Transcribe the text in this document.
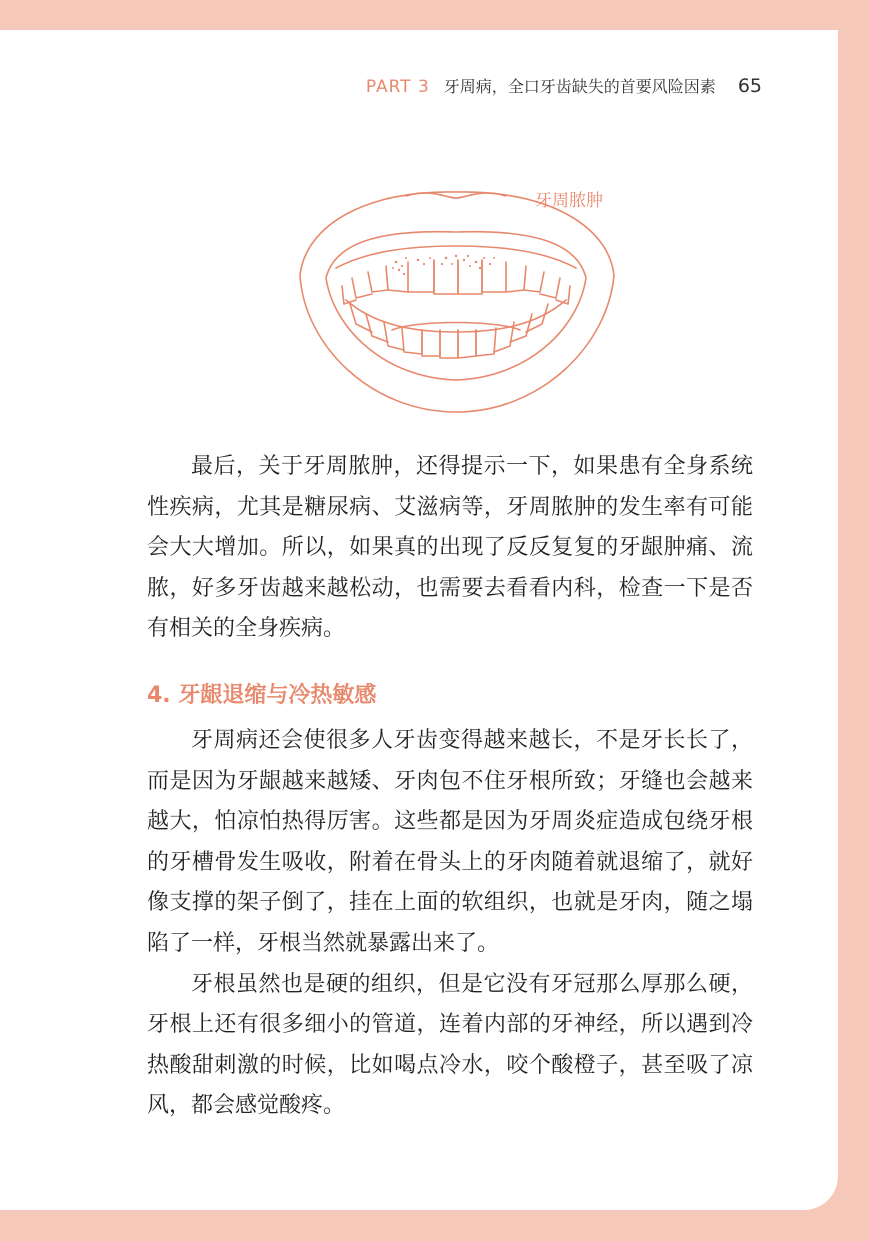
PART 3 牙周病，全口牙齿缺失的首要风险因素 65
牙周脓肿

最后，关于牙周脓肿，还得提示一下，如果患有全身系统性疾病，尤其是糖尿病、艾滋病等，牙周脓肿的发生率有可能会大大增加。所以，如果真的出现了反反复复的牙龈肿痛、流脓，好多牙齿越来越松动，也需要去看看内科，检查一下是否有相关的全身疾病。

4. 牙龈退缩与冷热敏感

牙周病还会使很多人牙齿变得越来越长，不是牙长长了，而是因为牙龈越来越矮、牙肉包不住牙根所致；牙缝也会越来越大，怕凉怕热得厉害。这些都是因为牙周炎症造成包绕牙根的牙槽骨发生吸收，附着在骨头上的牙肉随着就退缩了，就好像支撑的架子倒了，挂在上面的软组织，也就是牙肉，随之塌陷了一样，牙根当然就暴露出来了。

牙根虽然也是硬的组织，但是它没有牙冠那么厚那么硬，牙根上还有很多细小的管道，连着内部的牙神经，所以遇到冷热酸甜刺激的时候，比如喝点冷水，咬个酸橙子，甚至吸了凉风，都会感觉酸疼。
